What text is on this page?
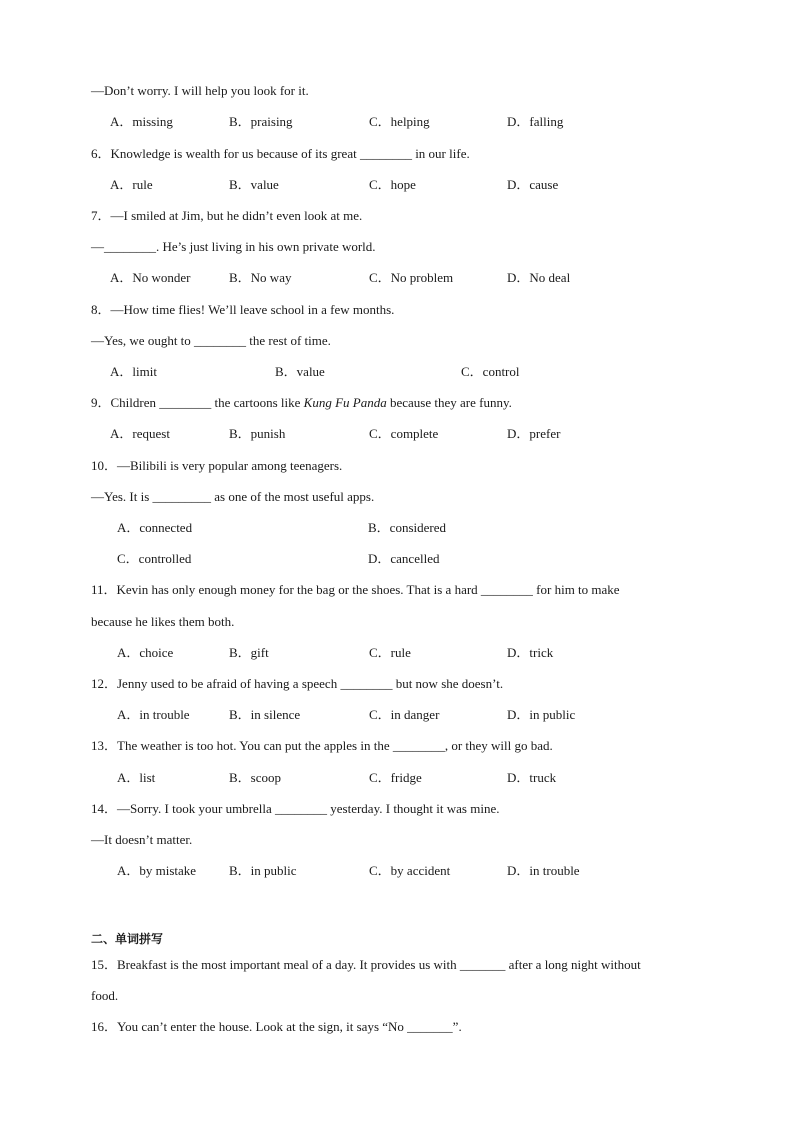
—Don’t worry. I will help you look for it.
A．missing	B．praising	C．helping	D．falling
6．Knowledge is wealth for us because of its great ________ in our life.
A．rule	B．value	C．hope	D．cause
7．—I smiled at Jim, but he didn’t even look at me.
—________. He’s just living in his own private world.
A．No wonder	B．No way	C．No problem	D．No deal
8．—How time flies! We’ll leave school in a few months.
—Yes, we ought to ________ the rest of time.
A．limit	B．value	C．control
9．Children ________ the cartoons like Kung Fu Panda because they are funny.
A．request	B．punish	C．complete	D．prefer
10．—Bilibili is very popular among teenagers.
—Yes. It is _________ as one of the most useful apps.
A．connected	B．considered
C．controlled	D．cancelled
11．Kevin has only enough money for the bag or the shoes. That is a hard ________ for him to make
because he likes them both.
A．choice	B．gift	C．rule	D．trick
12．Jenny used to be afraid of having a speech ________ but now she doesn’t.
A．in trouble	B．in silence	C．in danger	D．in public
13．The weather is too hot. You can put the apples in the ________, or they will go bad.
A．list	B．scoop	C．fridge	D．truck
14．—Sorry. I took your umbrella ________ yesterday. I thought it was mine.
—It doesn’t matter.
A．by mistake	B．in public	C．by accident	D．in trouble
二、单词拼写
15．Breakfast is the most important meal of a day. It provides us with _______ after a long night without
food.
16．You can’t enter the house. Look at the sign, it says “No _______”.
